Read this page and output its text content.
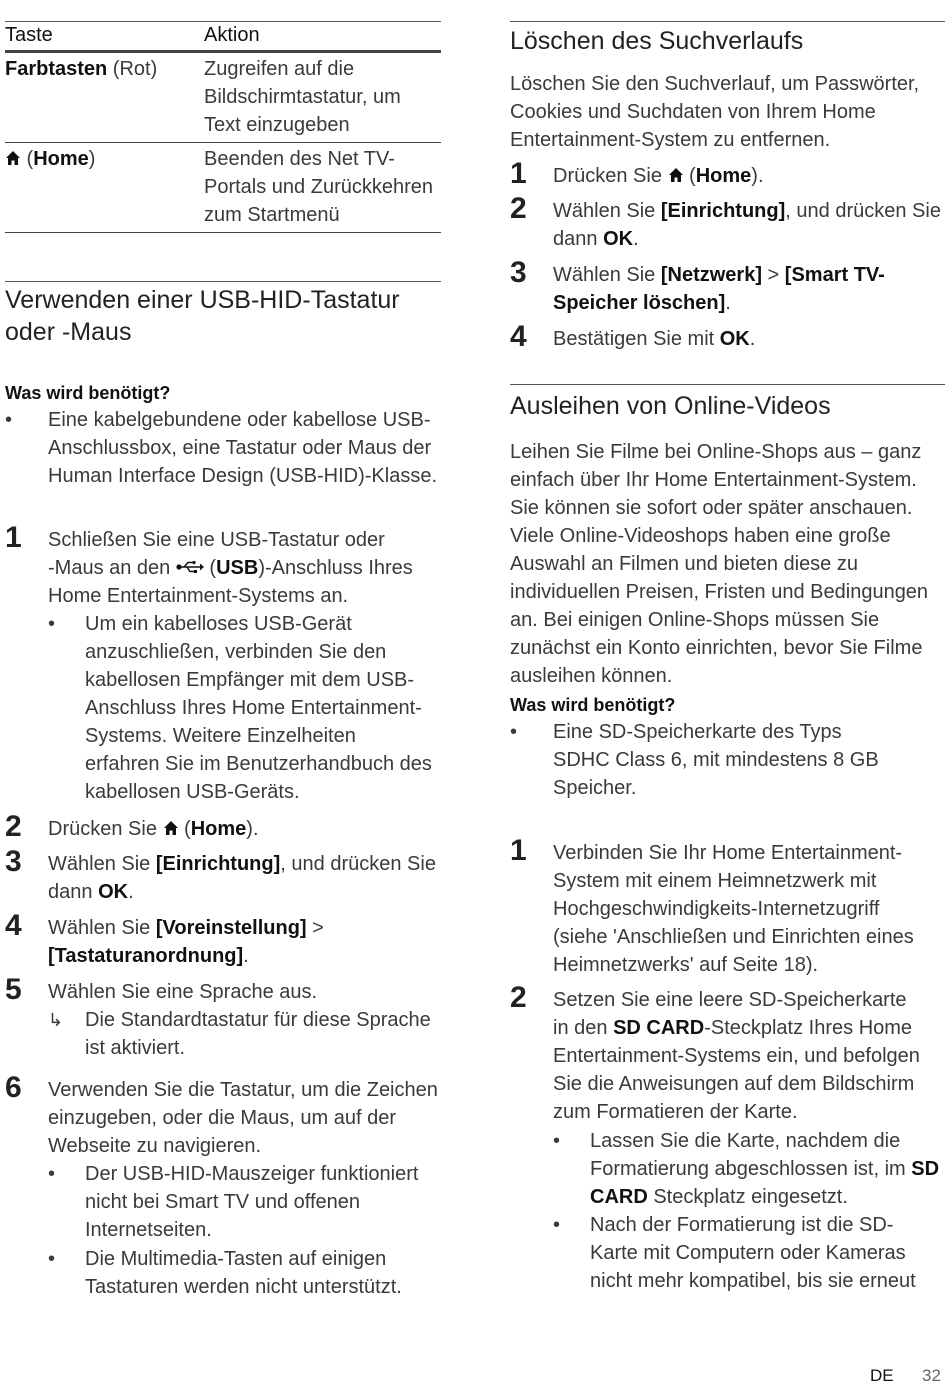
Taste	Aktion
Farbtasten (Rot)	Zugreifen auf die Bildschirmtastatur, um Text einzugeben
(Home)	Beenden des Net TV-Portals und Zurückkehren zum Startmenü
Verwenden einer USB-HID-Tastatur
oder -Maus
Was wird benötigt?
• Eine kabelgebundene oder kabellose USB-
Anschlussbox, eine Tastatur oder Maus der
Human Interface Design (USB-HID)-Klasse.
1 Schließen Sie eine USB-Tastatur oder
-Maus an den  (USB)-Anschluss Ihres
Home Entertainment-Systems an.
• Um ein kabelloses USB-Gerät
anzuschließen, verbinden Sie den
kabellosen Empfänger mit dem USB-
Anschluss Ihres Home Entertainment-
Systems. Weitere Einzelheiten
erfahren Sie im Benutzerhandbuch des
kabellosen USB-Geräts.
2 Drücken Sie  (Home).
3 Wählen Sie [Einrichtung], und drücken Sie
dann OK.
4 Wählen Sie [Voreinstellung] >
[Tastaturanordnung].
5 Wählen Sie eine Sprache aus.
↳ Die Standardtastatur für diese Sprache
ist aktiviert.
6 Verwenden Sie die Tastatur, um die Zeichen
einzugeben, oder die Maus, um auf der
Webseite zu navigieren.
• Der USB-HID-Mauszeiger funktioniert
nicht bei Smart TV und offenen
Internetseiten.
• Die Multimedia-Tasten auf einigen
Tastaturen werden nicht unterstützt.
Löschen des Suchverlaufs

Löschen Sie den Suchverlauf, um Passwörter,
Cookies und Suchdaten von Ihrem Home
Entertainment-System zu entfernen.

1 Drücken Sie  (Home).
2 Wählen Sie [Einrichtung], und drücken Sie
dann OK.
3 Wählen Sie [Netzwerk] > [Smart TV-
Speicher löschen].
4 Bestätigen Sie mit OK.
Ausleihen von Online-Videos

Leihen Sie Filme bei Online-Shops aus – ganz
einfach über Ihr Home Entertainment-System.
Sie können sie sofort oder später anschauen.
Viele Online-Videoshops haben eine große
Auswahl an Filmen und bieten diese zu
individuellen Preisen, Fristen und Bedingungen
an. Bei einigen Online-Shops müssen Sie
zunächst ein Konto einrichten, bevor Sie Filme
ausleihen können.

Was wird benötigt?
• Eine SD-Speicherkarte des Typs
SDHC Class 6, mit mindestens 8 GB
Speicher.
1 Verbinden Sie Ihr Home Entertainment-
System mit einem Heimnetzwerk mit
Hochgeschwindigkeits-Internetzugriff
(siehe 'Anschließen und Einrichten eines
Heimnetzwerks' auf Seite 18).
2 Setzen Sie eine leere SD-Speicherkarte
in den SD CARD-Steckplatz Ihres Home
Entertainment-Systems ein, und befolgen
Sie die Anweisungen auf dem Bildschirm
zum Formatieren der Karte.
• Lassen Sie die Karte, nachdem die
Formatierung abgeschlossen ist, im SD
CARD Steckplatz eingesetzt.
• Nach der Formatierung ist die SD-
Karte mit Computern oder Kameras
nicht mehr kompatibel, bis sie erneut
DE 32
